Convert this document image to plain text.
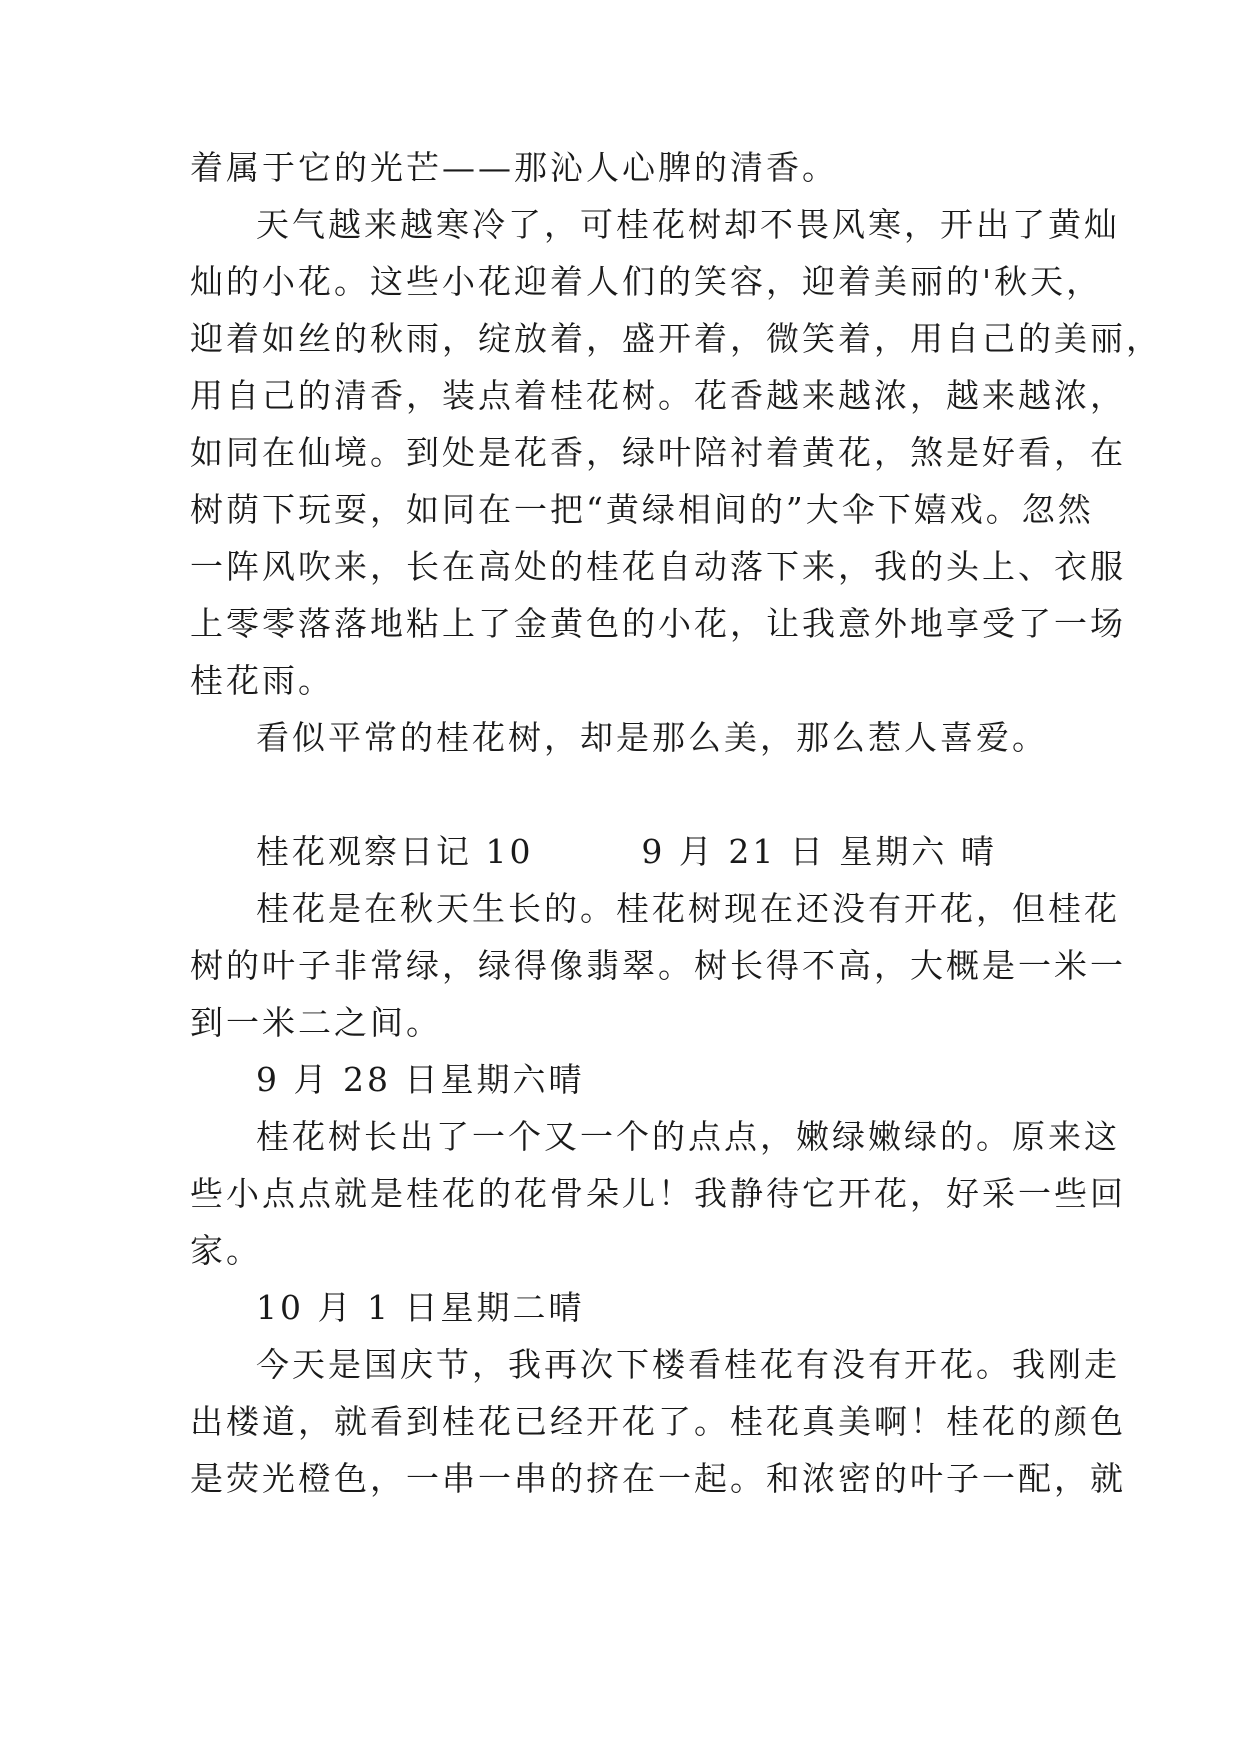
着属于它的光芒——那沁人心脾的清香。
天气越来越寒冷了，可桂花树却不畏风寒，开出了黄灿
灿的小花。这些小花迎着人们的笑容，迎着美丽的'秋天，
迎着如丝的秋雨，绽放着，盛开着，微笑着，用自己的美丽，
用自己的清香，装点着桂花树。花香越来越浓，越来越浓，
如同在仙境。到处是花香，绿叶陪衬着黄花，煞是好看，在
树荫下玩耍，如同在一把“黄绿相间的”大伞下嬉戏。忽然
一阵风吹来，长在高处的桂花自动落下来，我的头上、衣服
上零零落落地粘上了金黄色的小花，让我意外地享受了一场
桂花雨。
看似平常的桂花树，却是那么美，那么惹人喜爱。
桂花观察日记 10        9 月 21 日 星期六 晴
桂花是在秋天生长的。桂花树现在还没有开花，但桂花
树的叶子非常绿，绿得像翡翠。树长得不高，大概是一米一
到一米二之间。
9 月 28 日星期六晴
桂花树长出了一个又一个的点点，嫩绿嫩绿的。原来这
些小点点就是桂花的花骨朵儿！我静待它开花，好采一些回
家。
10 月 1 日星期二晴
今天是国庆节，我再次下楼看桂花有没有开花。我刚走
出楼道，就看到桂花已经开花了。桂花真美啊！桂花的颜色
是荧光橙色，一串一串的挤在一起。和浓密的叶子一配，就
